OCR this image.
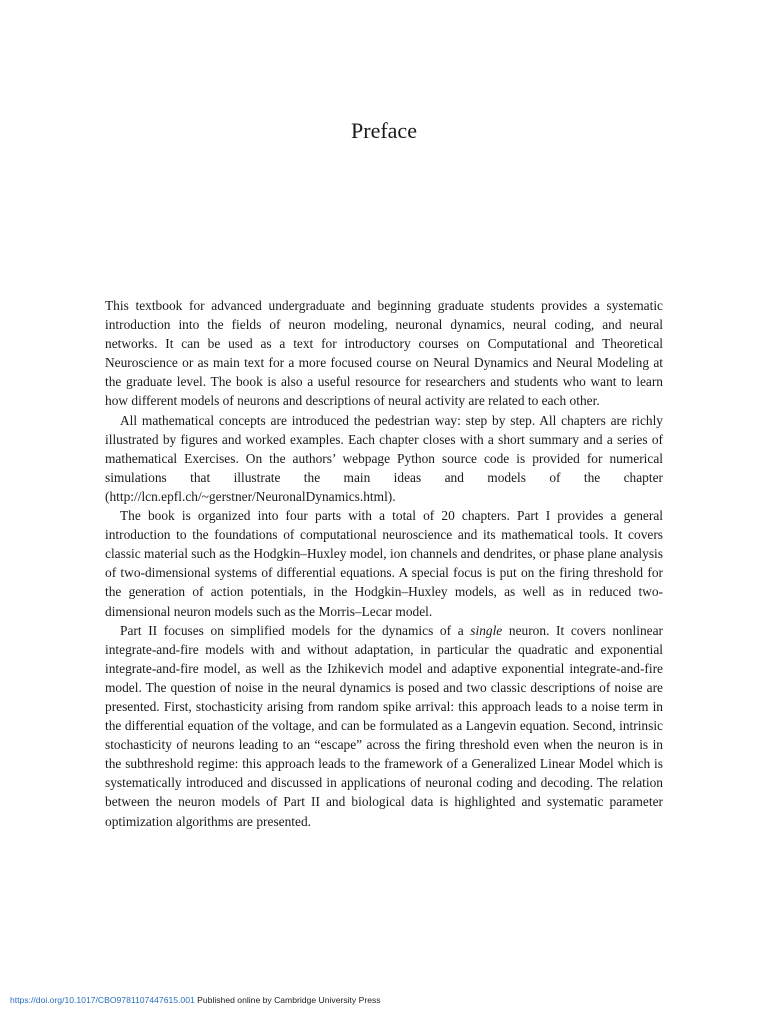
Preface

This textbook for advanced undergraduate and beginning graduate students provides a systematic introduction into the fields of neuron modeling, neuronal dynamics, neural coding, and neural networks. It can be used as a text for introductory courses on Computational and Theoretical Neuroscience or as main text for a more focused course on Neural Dynamics and Neural Modeling at the graduate level. The book is also a useful resource for researchers and students who want to learn how different models of neurons and descriptions of neural activity are related to each other.

All mathematical concepts are introduced the pedestrian way: step by step. All chapters are richly illustrated by figures and worked examples. Each chapter closes with a short summary and a series of mathematical Exercises. On the authors’ webpage Python source code is provided for numerical simulations that illustrate the main ideas and models of the chapter (http://lcn.epfl.ch/~gerstner/NeuronalDynamics.html).

The book is organized into four parts with a total of 20 chapters. Part I provides a general introduction to the foundations of computational neuroscience and its mathematical tools. It covers classic material such as the Hodgkin–Huxley model, ion channels and dendrites, or phase plane analysis of two-dimensional systems of differential equations. A special focus is put on the firing threshold for the generation of action potentials, in the Hodgkin–Huxley models, as well as in reduced two-dimensional neuron models such as the Morris–Lecar model.

Part II focuses on simplified models for the dynamics of a single neuron. It covers nonlinear integrate-and-fire models with and without adaptation, in particular the quadratic and exponential integrate-and-fire model, as well as the Izhikevich model and adaptive exponential integrate-and-fire model. The question of noise in the neural dynamics is posed and two classic descriptions of noise are presented. First, stochasticity arising from random spike arrival: this approach leads to a noise term in the differential equation of the voltage, and can be formulated as a Langevin equation. Second, intrinsic stochasticity of neurons leading to an “escape” across the firing threshold even when the neuron is in the subthreshold regime: this approach leads to the framework of a Generalized Linear Model which is systematically introduced and discussed in applications of neuronal coding and decoding. The relation between the neuron models of Part II and biological data is highlighted and systematic parameter optimization algorithms are presented.

https://doi.org/10.1017/CBO9781107447615.001 Published online by Cambridge University Press
